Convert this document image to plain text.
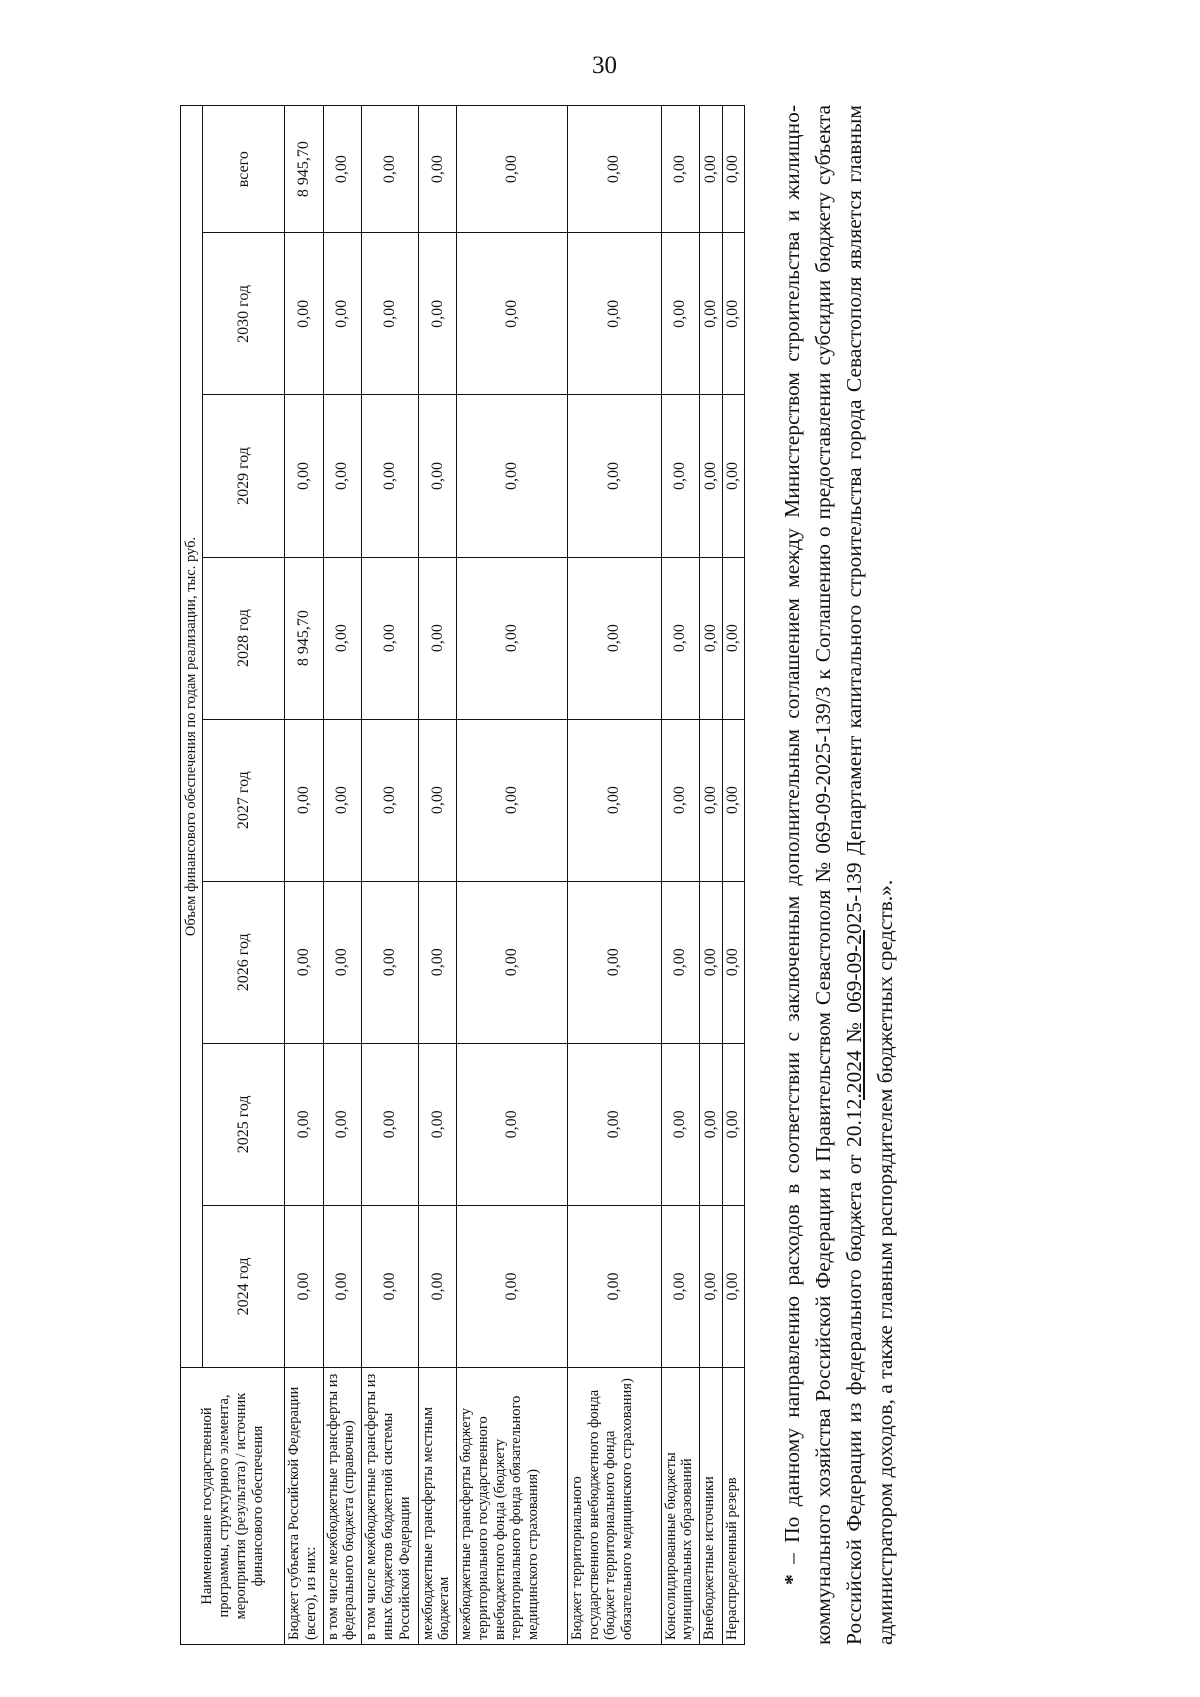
30
Наименование государственной программы, структурного элемента, мероприятия (результата) / источник финансового обеспечения	Объем финансового обеспечения по годам реализации, тыс. руб.							
	2024 год	2025 год	2026 год	2027 год	2028 год	2029 год	2030 год	всего
Бюджет субъекта Российской Федерации (всего), из них:	0,00	0,00	0,00	0,00	8 945,70	0,00	0,00	8 945,70
в том числе межбюджетные трансферты из федерального бюджета (справочно)	0,00	0,00	0,00	0,00	0,00	0,00	0,00	0,00
в том числе межбюджетные трансферты из иных бюджетов бюджетной системы Российской Федерации	0,00	0,00	0,00	0,00	0,00	0,00	0,00	0,00
межбюджетные трансферты местным бюджетам	0,00	0,00	0,00	0,00	0,00	0,00	0,00	0,00
межбюджетные трансферты бюджету территориального государственного внебюджетного фонда (бюджету территориального фонда обязательного медицинского страхования)	0,00	0,00	0,00	0,00	0,00	0,00	0,00	0,00
Бюджет территориального государственного внебюджетного фонда (бюджет территориального фонда обязательного медицинского страхования)	0,00	0,00	0,00	0,00	0,00	0,00	0,00	0,00
Консолидированные бюджеты муниципальных образований	0,00	0,00	0,00	0,00	0,00	0,00	0,00	0,00
Внебюджетные источники	0,00	0,00	0,00	0,00	0,00	0,00	0,00	0,00
Нераспределенный резерв	0,00	0,00	0,00	0,00	0,00	0,00	0,00	0,00

* – По данному направлению расходов в соответствии с заключенным дополнительным соглашением между Министерством строительства и жилищно-коммунального хозяйства Российской Федерации и Правительством Севастополя № 069-09-2025-139/3 к Соглашению о предоставлении субсидии бюджету субъекта Российской Федерации из федерального бюджета от 20.12.2024 № 069-09-2025-139 Департамент капитального строительства города Севастополя является главным администратором доходов, а также главным распорядителем бюджетных средств.».
